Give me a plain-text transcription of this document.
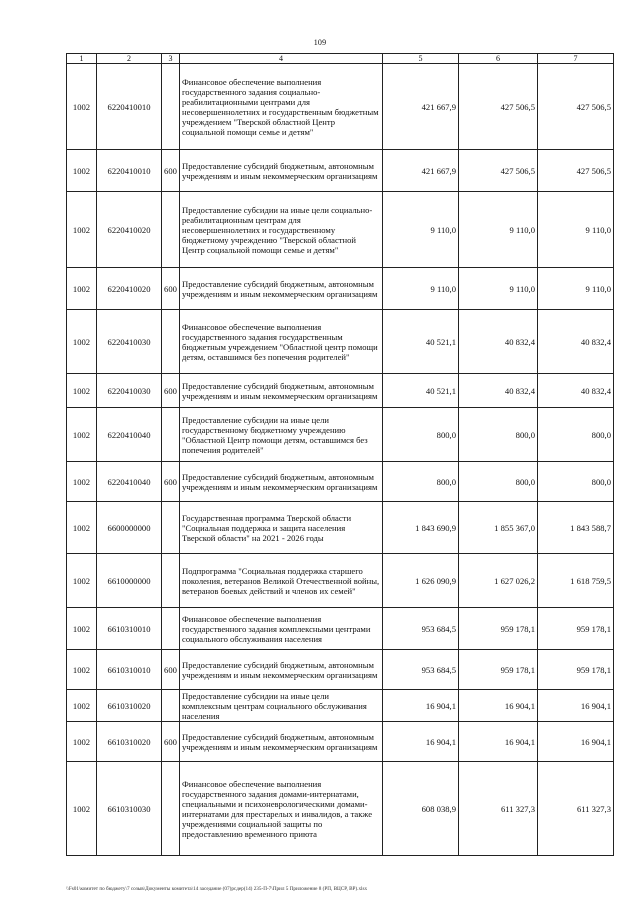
109
1	2	3	4	5	6	7
1002	6220410010		Финансовое обеспечение выполнения государственного задания социально-реабилитационными центрами для несовершеннолетних и государственным бюджетным учреждением "Тверской областной Центр социальной помощи семье и детям"	421 667,9	427 506,5	427 506,5
1002	6220410010	600	Предоставление субсидий бюджетным, автономным учреждениям и иным некоммерческим организациям	421 667,9	427 506,5	427 506,5
1002	6220410020		Предоставление субсидии на иные цели социально-реабилитационным центрам для несовершеннолетних и государственному бюджетному учреждению "Тверской областной Центр социальной помощи семье и детям"	9 110,0	9 110,0	9 110,0
1002	6220410020	600	Предоставление субсидий бюджетным, автономным учреждениям и иным некоммерческим организациям	9 110,0	9 110,0	9 110,0
1002	6220410030		Финансовое обеспечение выполнения государственного задания государственным бюджетным учреждением "Областной центр помощи детям, оставшимся без попечения родителей"	40 521,1	40 832,4	40 832,4
1002	6220410030	600	Предоставление субсидий бюджетным, автономным учреждениям и иным некоммерческим организациям	40 521,1	40 832,4	40 832,4
1002	6220410040		Предоставление субсидии на иные цели государственному бюджетному учреждению "Областной Центр помощи детям, оставшимся без попечения родителей"	800,0	800,0	800,0
1002	6220410040	600	Предоставление субсидий бюджетным, автономным учреждениям и иным некоммерческим организациям	800,0	800,0	800,0
1002	6600000000		Государственная программа Тверской области "Социальная поддержка и защита населения Тверской области" на 2021 - 2026 годы	1 843 690,9	1 855 367,0	1 843 588,7
1002	6610000000		Подпрограмма "Социальная поддержка старшего поколения, ветеранов Великой Отечественной войны, ветеранов боевых действий и членов их семей"	1 626 090,9	1 627 026,2	1 618 759,5
1002	6610310010		Финансовое обеспечение выполнения государственного задания комплексными центрами социального обслуживания населения	953 684,5	959 178,1	959 178,1
1002	6610310010	600	Предоставление субсидий бюджетным, автономным учреждениям и иным некоммерческим организациям	953 684,5	959 178,1	959 178,1
1002	6610310020		Предоставление субсидии на иные цели комплексным центрам социального обслуживания населения	16 904,1	16 904,1	16 904,1
1002	6610310020	600	Предоставление субсидий бюджетным, автономным учреждениям и иным некоммерческим организациям	16 904,1	16 904,1	16 904,1
1002	6610310030		Финансовое обеспечение выполнения государственного задания домами-интернатами, специальными и психоневрологическими домами-интернатами для престарелых и инвалидов, а также учреждениями социальной защиты по предоставлению временного приюта	608 038,9	611 327,3	611 327,3
\\Fs01\комитет по бюджету\7 созыв\Документы комитета\14 заседание (07)рсдер(14) 235-П-7\Прил 5 Приложение 8 (РП, ВЦСР, ВР).xlsx
